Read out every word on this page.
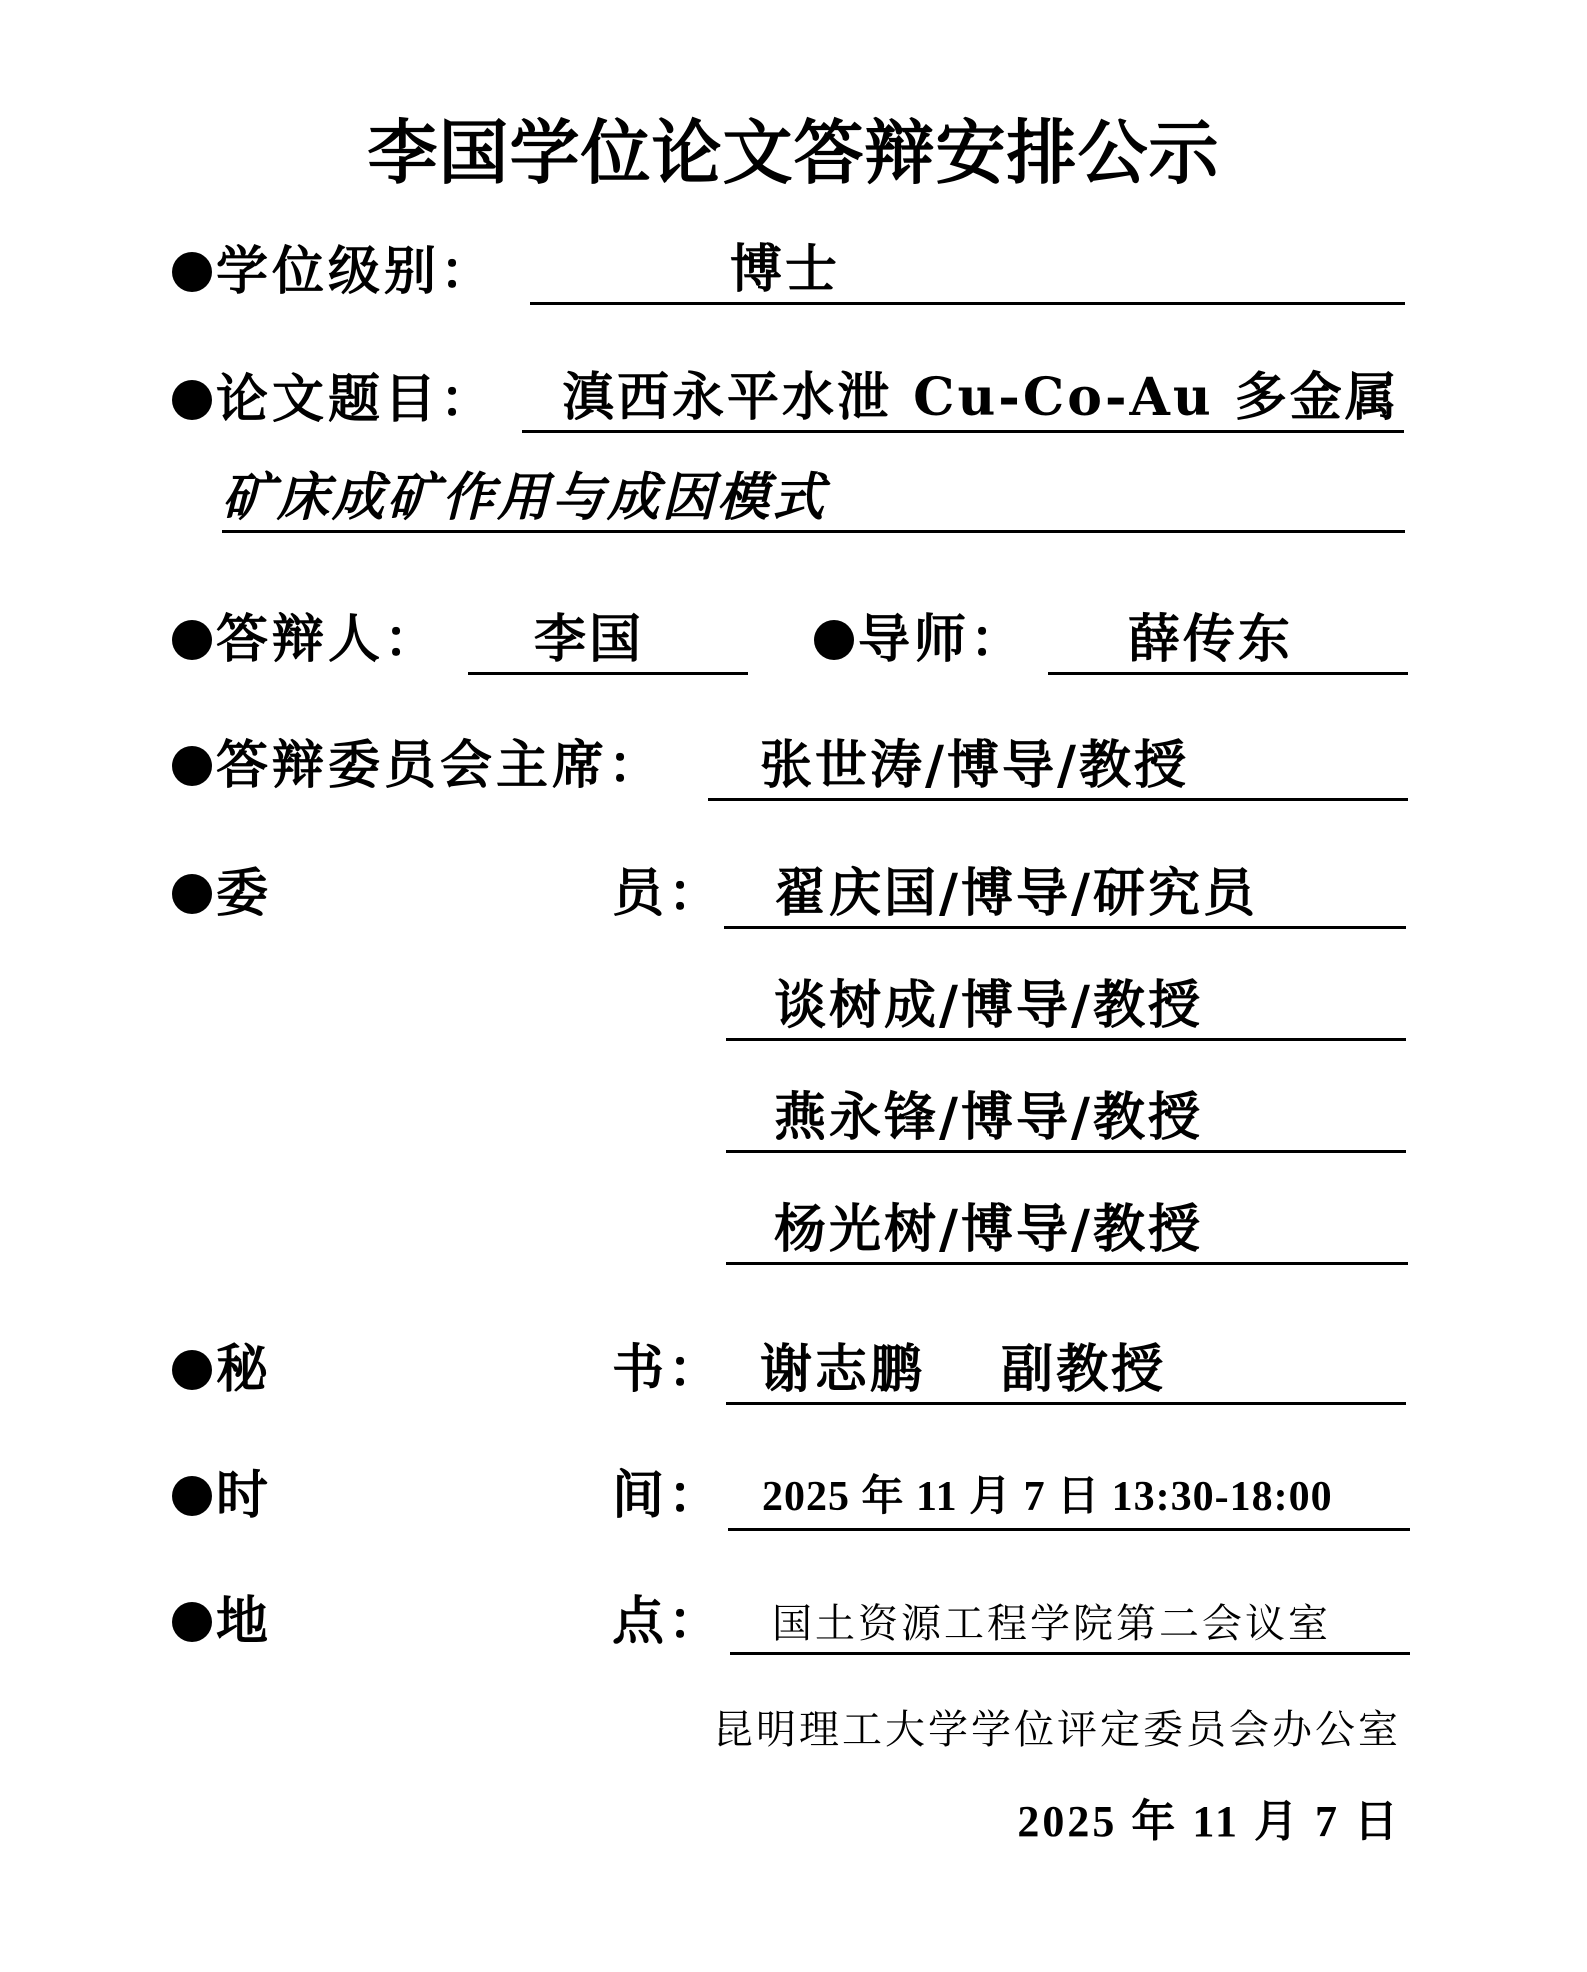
李国学位论文答辩安排公示
学位级别：	博士
论文题目：	滇西永平水泄 Cu-Co-Au 多金属
矿床成矿作用与成因模式
答辩人：	李国	导师：	薛传东
答辩委员会主席：	张世涛/博导/教授
委	员： 翟庆国/博导/研究员
谈树成/博导/教授
燕永锋/博导/教授
杨光树/博导/教授
秘	书： 谢志鹏　 副教授
时	间： 2025 年 11 月 7 日 13:30-18:00
地	点：	国土资源工程学院第二会议室
昆明理工大学学位评定委员会办公室
2025 年 11 月 7 日
